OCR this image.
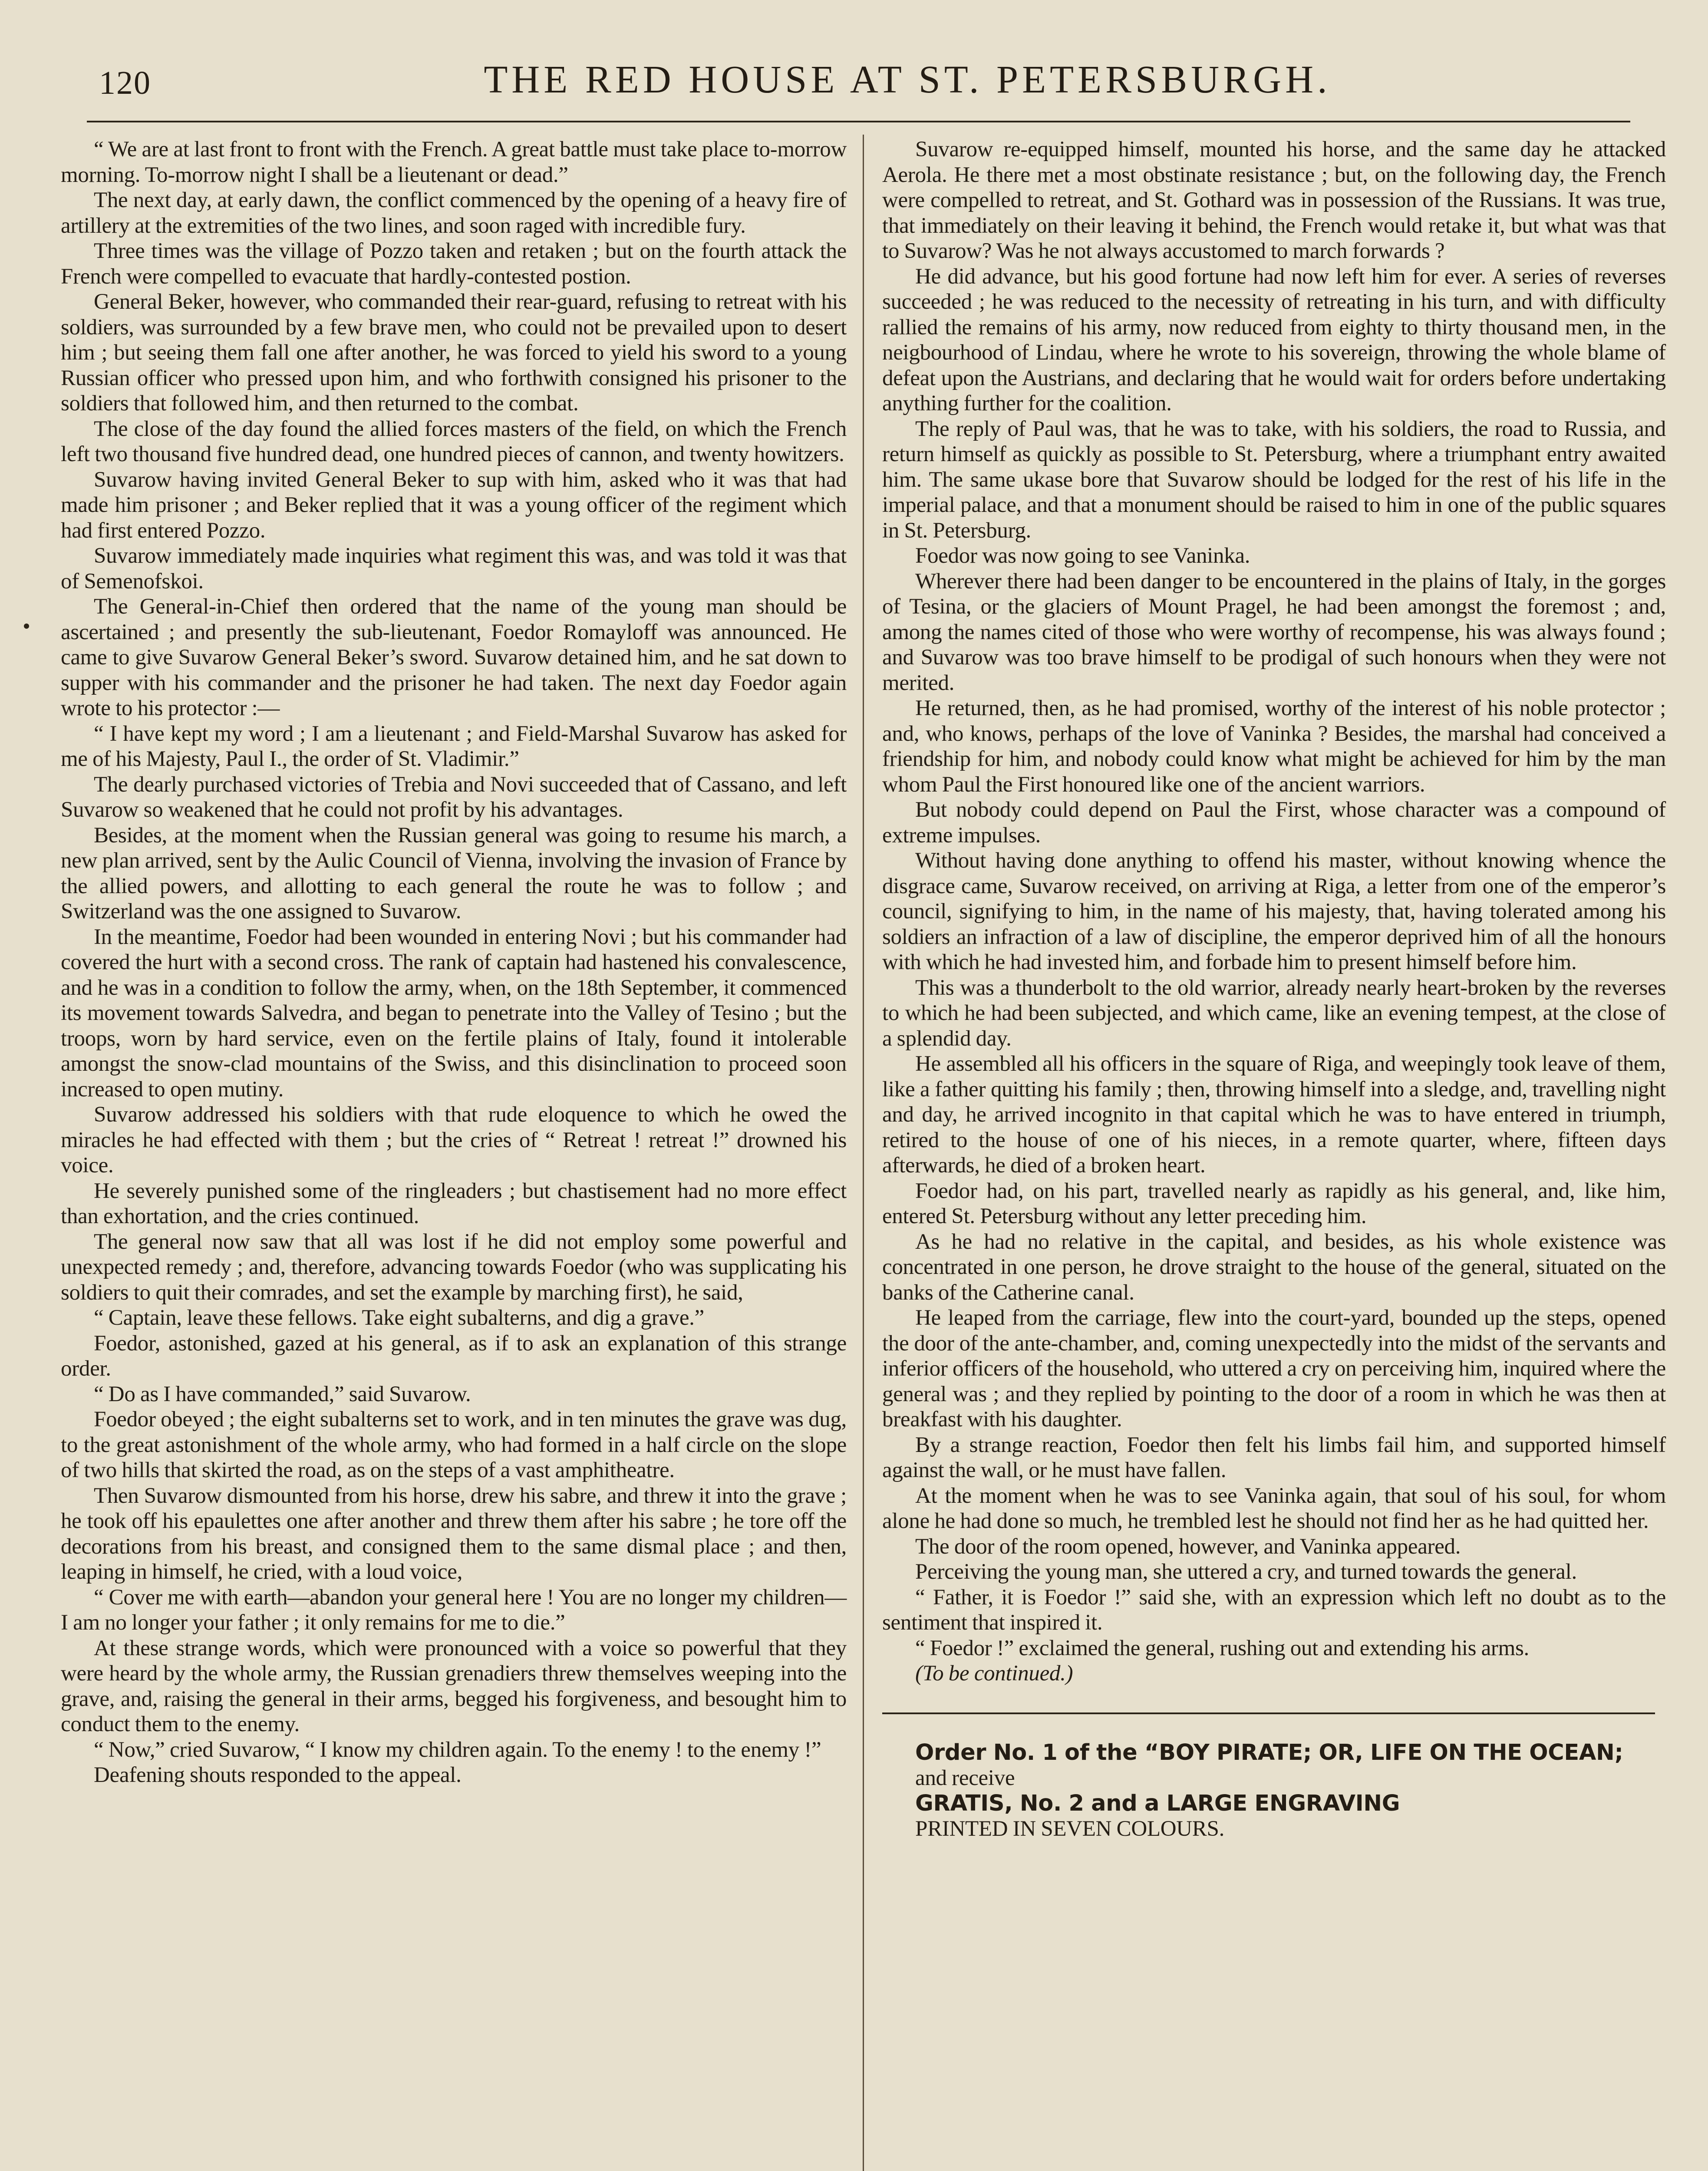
120	THE RED HOUSE AT ST. PETERSBURGH.

“ We are at last front to front with the French. A great battle must take place to-morrow morning. To-morrow night I shall be a lieutenant or dead.”

The next day, at early dawn, the conflict commenced by the opening of a heavy fire of artillery at the extremities of the two lines, and soon raged with incredible fury.

Three times was the village of Pozzo taken and retaken ; but on the fourth attack the French were compelled to evacuate that hardly-contested postion.

General Beker, however, who commanded their rear-guard, refusing to retreat with his soldiers, was surrounded by a few brave men, who could not be prevailed upon to desert him ; but seeing them fall one after another, he was forced to yield his sword to a young Russian officer who pressed upon him, and who forthwith consigned his prisoner to the soldiers that followed him, and then returned to the combat.

The close of the day found the allied forces masters of the field, on which the French left two thousand five hundred dead, one hundred pieces of cannon, and twenty howitzers.

Suvarow having invited General Beker to sup with him, asked who it was that had made him prisoner ; and Beker replied that it was a young officer of the regiment which had first entered Pozzo.

Suvarow immediately made inquiries what regiment this was, and was told it was that of Semenofskoi.

The General-in-Chief then ordered that the name of the young man should be ascertained ; and presently the sub-lieutenant, Foedor Romayloff was announced. He came to give Suvarow General Beker’s sword. Suvarow detained him, and he sat down to supper with his commander and the prisoner he had taken. The next day Foedor again wrote to his protector :—

“ I have kept my word ; I am a lieutenant ; and Field-Marshal Suvarow has asked for me of his Majesty, Paul I., the order of St. Vladimir.”

The dearly purchased victories of Trebia and Novi succeeded that of Cassano, and left Suvarow so weakened that he could not profit by his advantages.

Besides, at the moment when the Russian general was going to resume his march, a new plan arrived, sent by the Aulic Council of Vienna, involving the invasion of France by the allied powers, and allotting to each general the route he was to follow ; and Switzerland was the one assigned to Suvarow.

In the meantime, Foedor had been wounded in entering Novi ; but his commander had covered the hurt with a second cross. The rank of captain had hastened his convalescence, and he was in a condition to follow the army, when, on the 18th September, it commenced its movement towards Salvedra, and began to penetrate into the Valley of Tesino ; but the troops, worn by hard service, even on the fertile plains of Italy, found it intolerable amongst the snow-clad mountains of the Swiss, and this disinclination to proceed soon increased to open mutiny.

Suvarow addressed his soldiers with that rude eloquence to which he owed the miracles he had effected with them ; but the cries of “ Retreat ! retreat !” drowned his voice.

He severely punished some of the ringleaders ; but chastisement had no more effect than exhortation, and the cries continued.

The general now saw that all was lost if he did not employ some powerful and unexpected remedy ; and, therefore, advancing towards Foedor (who was supplicating his soldiers to quit their comrades, and set the example by marching first), he said,

“ Captain, leave these fellows. Take eight subalterns, and dig a grave.”

Foedor, astonished, gazed at his general, as if to ask an explanation of this strange order.

“ Do as I have commanded,” said Suvarow.

Foedor obeyed ; the eight subalterns set to work, and in ten minutes the grave was dug, to the great astonishment of the whole army, who had formed in a half circle on the slope of two hills that skirted the road, as on the steps of a vast amphitheatre.

Then Suvarow dismounted from his horse, drew his sabre, and threw it into the grave ; he took off his epaulettes one after another and threw them after his sabre ; he tore off the decorations from his breast, and consigned them to the same dismal place ; and then, leaping in himself, he cried, with a loud voice,

“ Cover me with earth—abandon your general here ! You are no longer my children—I am no longer your father ; it only remains for me to die.”

At these strange words, which were pronounced with a voice so powerful that they were heard by the whole army, the Russian grenadiers threw themselves weeping into the grave, and, raising the general in their arms, begged his forgiveness, and besought him to conduct them to the enemy.

“ Now,” cried Suvarow, “ I know my children again. To the enemy ! to the enemy !”

Deafening shouts responded to the appeal.

Suvarow re-equipped himself, mounted his horse, and the same day he attacked Aerola. He there met a most obstinate resistance ; but, on the following day, the French were compelled to retreat, and St. Gothard was in possession of the Russians. It was true, that immediately on their leaving it behind, the French would retake it, but what was that to Suvarow? Was he not always accustomed to march forwards ?

He did advance, but his good fortune had now left him for ever. A series of reverses succeeded ; he was reduced to the necessity of retreating in his turn, and with difficulty rallied the remains of his army, now reduced from eighty to thirty thousand men, in the neigbourhood of Lindau, where he wrote to his sovereign, throwing the whole blame of defeat upon the Austrians, and declaring that he would wait for orders before undertaking anything further for the coalition.

The reply of Paul was, that he was to take, with his soldiers, the road to Russia, and return himself as quickly as possible to St. Petersburg, where a triumphant entry awaited him. The same ukase bore that Suvarow should be lodged for the rest of his life in the imperial palace, and that a monument should be raised to him in one of the public squares in St. Petersburg.

Foedor was now going to see Vaninka.

Wherever there had been danger to be encountered in the plains of Italy, in the gorges of Tesina, or the glaciers of Mount Pragel, he had been amongst the foremost ; and, among the names cited of those who were worthy of recompense, his was always found ; and Suvarow was too brave himself to be prodigal of such honours when they were not merited.

He returned, then, as he had promised, worthy of the interest of his noble protector ; and, who knows, perhaps of the love of Vaninka ? Besides, the marshal had conceived a friendship for him, and nobody could know what might be achieved for him by the man whom Paul the First honoured like one of the ancient warriors.

But nobody could depend on Paul the First, whose character was a compound of extreme impulses.

Without having done anything to offend his master, without knowing whence the disgrace came, Suvarow received, on arriving at Riga, a letter from one of the emperor’s council, signifying to him, in the name of his majesty, that, having tolerated among his soldiers an infraction of a law of discipline, the emperor deprived him of all the honours with which he had invested him, and forbade him to present himself before him.

This was a thunderbolt to the old warrior, already nearly heart-broken by the reverses to which he had been subjected, and which came, like an evening tempest, at the close of a splendid day.

He assembled all his officers in the square of Riga, and weepingly took leave of them, like a father quitting his family ; then, throwing himself into a sledge, and, travelling night and day, he arrived incognito in that capital which he was to have entered in triumph, retired to the house of one of his nieces, in a remote quarter, where, fifteen days afterwards, he died of a broken heart.

Foedor had, on his part, travelled nearly as rapidly as his general, and, like him, entered St. Petersburg without any letter preceding him.

As he had no relative in the capital, and besides, as his whole existence was concentrated in one person, he drove straight to the house of the general, situated on the banks of the Catherine canal.

He leaped from the carriage, flew into the court-yard, bounded up the steps, opened the door of the ante-chamber, and, coming unexpectedly into the midst of the servants and inferior officers of the household, who uttered a cry on perceiving him, inquired where the general was ; and they replied by pointing to the door of a room in which he was then at breakfast with his daughter.

By a strange reaction, Foedor then felt his limbs fail him, and supported himself against the wall, or he must have fallen.

At the moment when he was to see Vaninka again, that soul of his soul, for whom alone he had done so much, he trembled lest he should not find her as he had quitted her.

The door of the room opened, however, and Vaninka appeared.

Perceiving the young man, she uttered a cry, and turned towards the general.

“ Father, it is Foedor !” said she, with an expression which left no doubt as to the sentiment that inspired it.

“ Foedor !” exclaimed the general, rushing out and extending his arms.

(To be continued.)

Order No. 1 of the “BOY PIRATE; OR, LIFE ON THE OCEAN;

and receive

GRATIS, No. 2 and a LARGE ENGRAVING

PRINTED IN SEVEN COLOURS.
